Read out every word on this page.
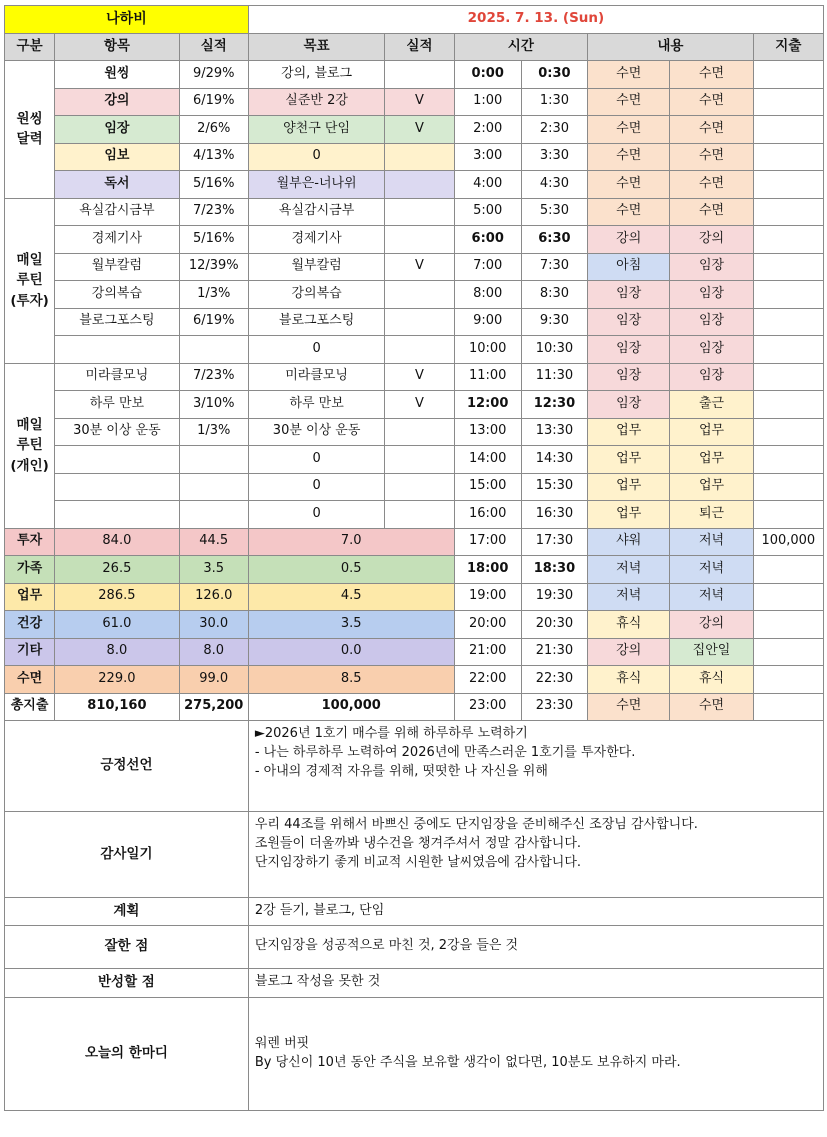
나하비			2025. 7. 13. (Sun)						
구분	항목	실적	목표	실적	시간		내용		지출
원씽 달력	원씽	9/29%	강의, 블로그		0:00	0:30	수면	수면	
	강의	6/19%	실준반 2강	V	1:00	1:30	수면	수면	
	임장	2/6%	양천구 단임	V	2:00	2:30	수면	수면	
	임보	4/13%	0		3:00	3:30	수면	수면	
	독서	5/16%	월부은-너나위		4:00	4:30	수면	수면	
매일 루틴 (투자)	욕실감시금부	7/23%	욕실감시금부		5:00	5:30	수면	수면	
	경제기사	5/16%	경제기사		6:00	6:30	강의	강의	
	월부칼럼	12/39%	월부칼럼	V	7:00	7:30	아침	임장	
	강의복습	1/3%	강의복습		8:00	8:30	임장	임장	
	블로그포스팅	6/19%	블로그포스팅		9:00	9:30	임장	임장	
			0		10:00	10:30	임장	임장	
매일 루틴 (개인)	미라클모닝	7/23%	미라클모닝	V	11:00	11:30	임장	임장	
	하루 만보	3/10%	하루 만보	V	12:00	12:30	임장	출근	
	30분 이상 운동	1/3%	30분 이상 운동		13:00	13:30	업무	업무	
			0		14:00	14:30	업무	업무	
			0		15:00	15:30	업무	업무	
			0		16:00	16:30	업무	퇴근	
투자	84.0	44.5	7.0		17:00	17:30	샤워	저녁	100,000
가족	26.5	3.5	0.5		18:00	18:30	저녁	저녁	
업무	286.5	126.0	4.5		19:00	19:30	저녁	저녁	
건강	61.0	30.0	3.5		20:00	20:30	휴식	강의	
기타	8.0	8.0	0.0		21:00	21:30	강의	집안일	
수면	229.0	99.0	8.5		22:00	22:30	휴식	휴식	
총지출	810,160	275,200	100,000		23:00	23:30	수면	수면	
긍정선언			►2026년 1호기 매수를 위해 하루하루 노력하기
- 나는 하루하루 노력하여 2026년에 만족스러운 1호기를 투자한다.
- 아내의 경제적 자유를 위해, 떳떳한 나 자신을 위해						

감사일기			우리 44조를 위해서 바쁘신 중에도 단지임장을 준비해주신 조장님 감사합니다.
조원들이 더울까봐 냉수건을 챙겨주셔서 정말 감사합니다.
단지임장하기 좋게 비교적 시원한 날씨였음에 감사합니다.						

계획			2강 듣기, 블로그, 단임						
잘한 점			단지임장을 성공적으로 마친 것, 2강을 들은 것						
반성할 점			블로그 작성을 못한 것						
오늘의 한마디			워렌 버핏
By 당신이 10년 동안 주식을 보유할 생각이 없다면, 10분도 보유하지 마라.						
